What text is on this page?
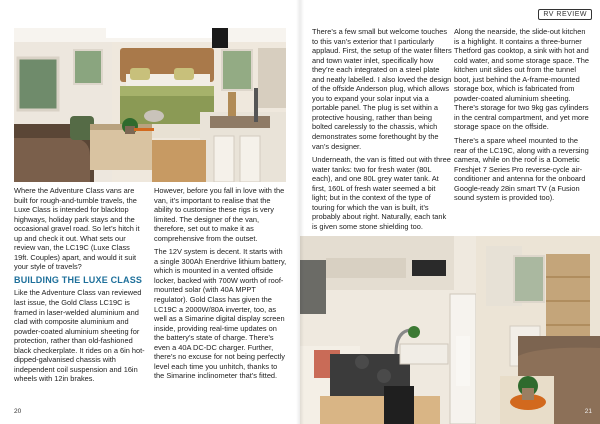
Where the Adventure Class vans are built for rough-and-tumble travels, the Luxe Class is intended for blacktop highways, holiday park stays and the occasional gravel road. So let’s hitch it up and check it out. What sets our review van, the LC19C (Luxe Class 19ft. Couples) apart, and would it suit your style of travels?

BUILDING THE LUXE CLASS

Like the Adventure Class van reviewed last issue, the Gold Class LC19C is framed in laser-welded aluminium and clad with composite aluminium and powder-coated aluminium sheeting for protection, rather than old-fashioned black checkerplate. It rides on a 6in hot-dipped-galvanised chassis with independent coil suspension and 16in wheels with 12in brakes.

However, before you fall in love with the van, it’s important to realise that the ability to customise these rigs is very limited. The designer of the van, therefore, set out to make it as comprehensive from the outset.

The 12V system is decent. It starts with a single 300Ah Enerdrive lithium battery, which is mounted in a vented offside locker, backed with 700W worth of roof-mounted solar (with 40A MPPT regulator). Gold Class has given the LC19C a 2000W/80A inverter, too, as well as a Simarine digital display screen inside, providing real-time updates on the battery’s state of charge. There’s even a 40A DC-DC charger. Further, there’s no excuse for not being perfectly level each time you unhitch, thanks to the Simarine inclinometer that’s fitted.

20
RV REVIEW

There’s a few small but welcome touches to this van’s exterior that I particularly applaud. First, the setup of the water filters and town water inlet, specifically how they’re each integrated on a steel plate and neatly labelled. I also loved the design of the offside Anderson plug, which allows you to expand your solar input via a portable panel. The plug is set within a protective housing, rather than being bolted carelessly to the chassis, which demonstrates some forethought by the van’s designer.

Underneath, the van is fitted out with three water tanks: two for fresh water (80L each), and one 80L grey water tank. At first, 160L of fresh water seemed a bit light; but in the context of the type of touring for which the van is built, it’s probably about right. Naturally, each tank is given some stone shielding too.

Along the nearside, the slide-out kitchen is a highlight. It contains a three-burner Thetford gas cooktop, a sink with hot and cold water, and some storage space. The kitchen unit slides out from the tunnel boot, just behind the A-frame-mounted storage box, which is fabricated from powder-coated aluminium sheeting. There’s storage for two 9kg gas cylinders in the central compartment, and yet more storage space on the offside.

There’s a spare wheel mounted to the rear of the LC19C, along with a reversing camera, while on the roof is a Dometic Freshjet 7 Series Pro reverse-cycle air-conditioner and antenna for the onboard Google-ready 28in smart TV (a Fusion sound system is provided too).

21
